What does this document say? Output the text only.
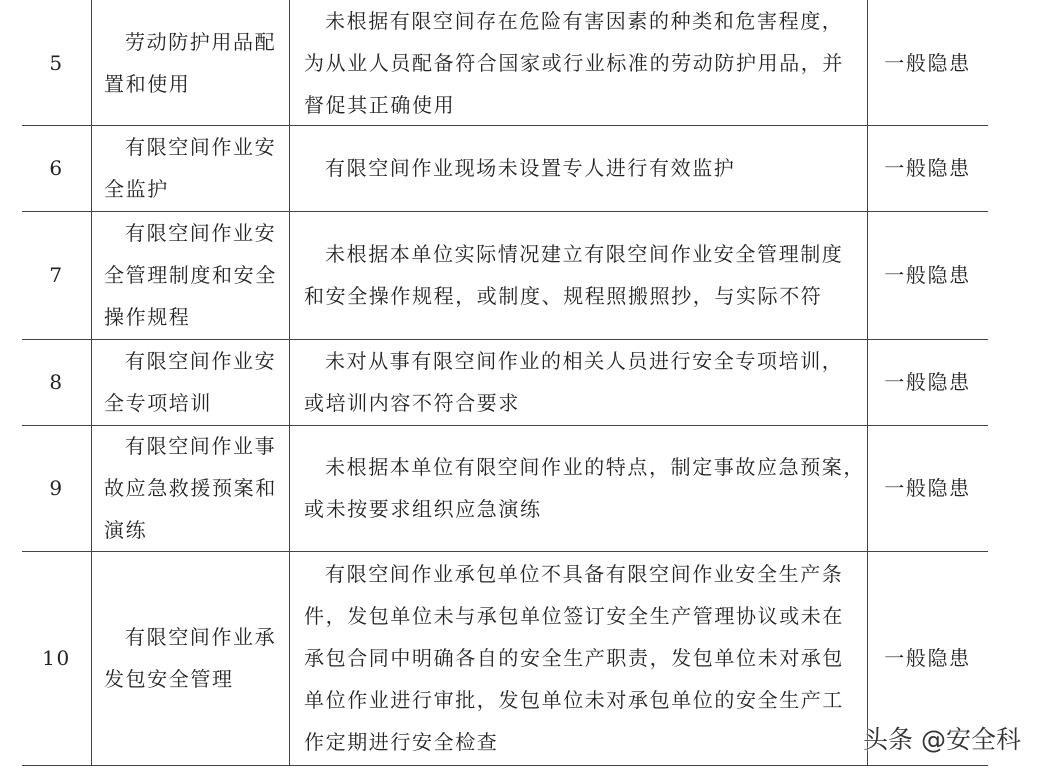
5
劳动防护用品配
置和使用
未根据有限空间存在危险有害因素的种类和危害程度，
为从业人员配备符合国家或行业标准的劳动防护用品，并
督促其正确使用
一般隐患
6
有限空间作业安
全监护
有限空间作业现场未设置专人进行有效监护	一般隐患
7
有限空间作业安
全管理制度和安全
操作规程
未根据本单位实际情况建立有限空间作业安全管理制度
和安全操作规程，或制度、规程照搬照抄，与实际不符
一般隐患
8
有限空间作业安
全专项培训
未对从事有限空间作业的相关人员进行安全专项培训，
或培训内容不符合要求
一般隐患
9
有限空间作业事
故应急救援预案和
演练
未根据本单位有限空间作业的特点，制定事故应急预案，
或未按要求组织应急演练
一般隐患
10
有限空间作业承
发包安全管理
有限空间作业承包单位不具备有限空间作业安全生产条
件，发包单位未与承包单位签订安全生产管理协议或未在
承包合同中明确各自的安全生产职责，发包单位未对承包
单位作业进行审批，发包单位未对承包单位的安全生产工
作定期进行安全检查
一般隐患
头条 @安全科
